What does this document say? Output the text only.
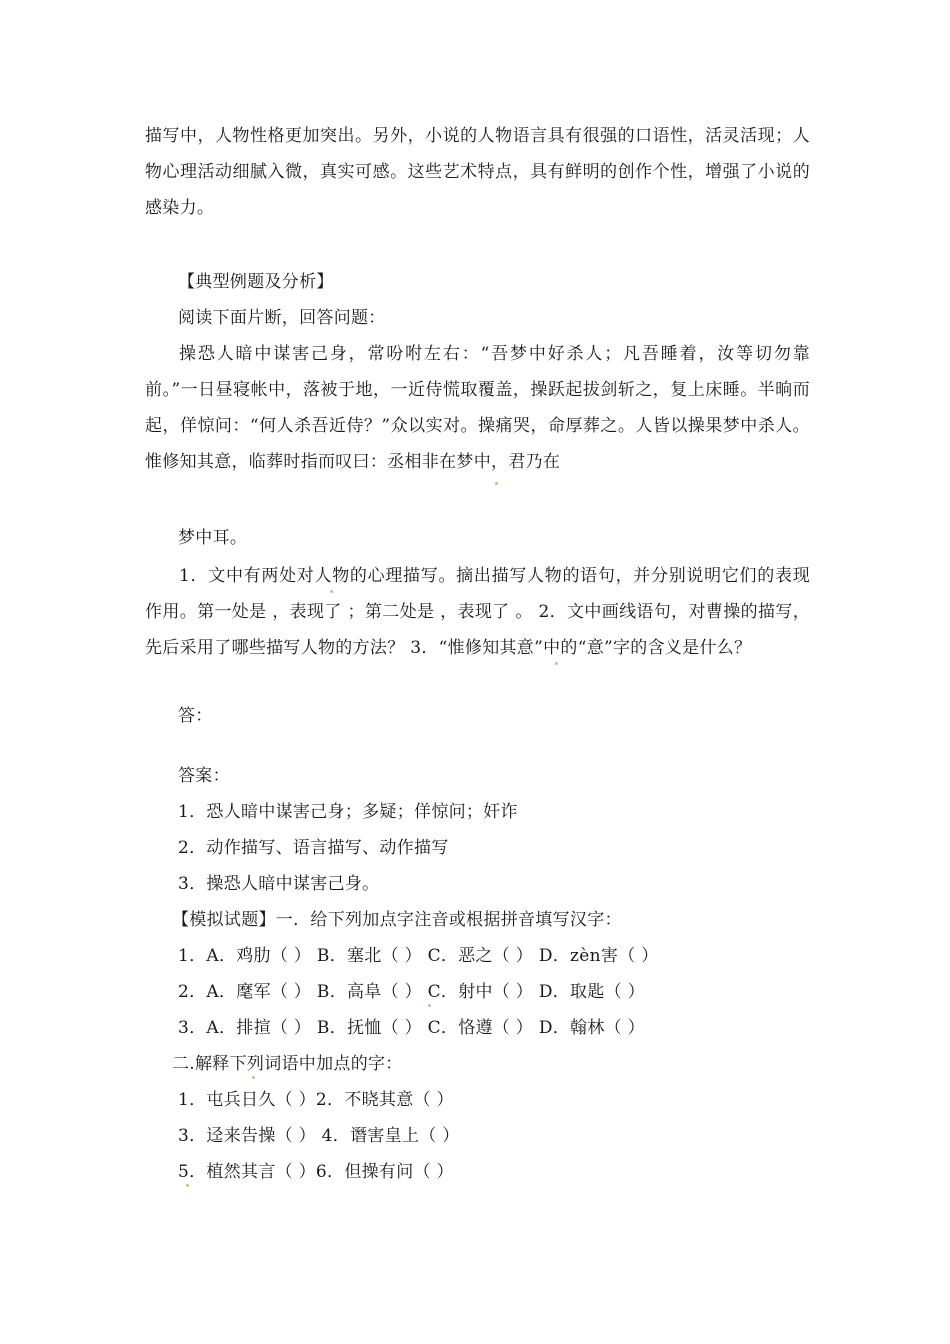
描写中，人物性格更加突出。另外，小说的人物语言具有很强的口语性，活灵活现；人物心理活动细腻入微，真实可感。这些艺术特点，具有鲜明的创作个性，增强了小说的感染力。
【典型例题及分析】
阅读下面片断，回答问题：
操恐人暗中谋害己身，常吩咐左右：“吾梦中好杀人；凡吾睡着，汝等切勿靠前。”一日昼寝帐中，落被于地，一近侍慌取覆盖，操跃起拔剑斩之，复上床睡。半晌而起，佯惊问：“何人杀吾近侍？”众以实对。操痛哭，命厚葬之。人皆以操果梦中杀人。惟修知其意，临葬时指而叹曰：丞相非在梦中，君乃在
梦中耳。
1．文中有两处对人物的心理描写。摘出描写人物的语句，并分别说明它们的表现作用。第一处是 ，表现了 ；第二处是 ，表现了 。 2．文中画线语句，对曹操的描写，先后采用了哪些描写人物的方法？ 3．“惟修知其意”中的“意”字的含义是什么？
答：
答案：
1．恐人暗中谋害己身；多疑；佯惊问；奸诈
2．动作描写、语言描写、动作描写
3．操恐人暗中谋害己身。
【模拟试题】一．给下列加点字注音或根据拼音填写汉字：
1．A．鸡肋（ ） B．塞北（ ） C．恶之（ ） D．zèn害（ ）
2．A．麾军（ ） B．高阜（ ） C．射中（ ） D．取匙（ ）
3．A．排揎（ ） B．抚恤（ ） C．恪遵（ ） D．翰林（ ）
二.解释下列词语中加点的字：
1．屯兵日久（ ）2．不晓其意（ ）
3．迳来告操（ ） 4．谮害皇上（ ）
5．植然其言（ ）6．但操有问（ ）
